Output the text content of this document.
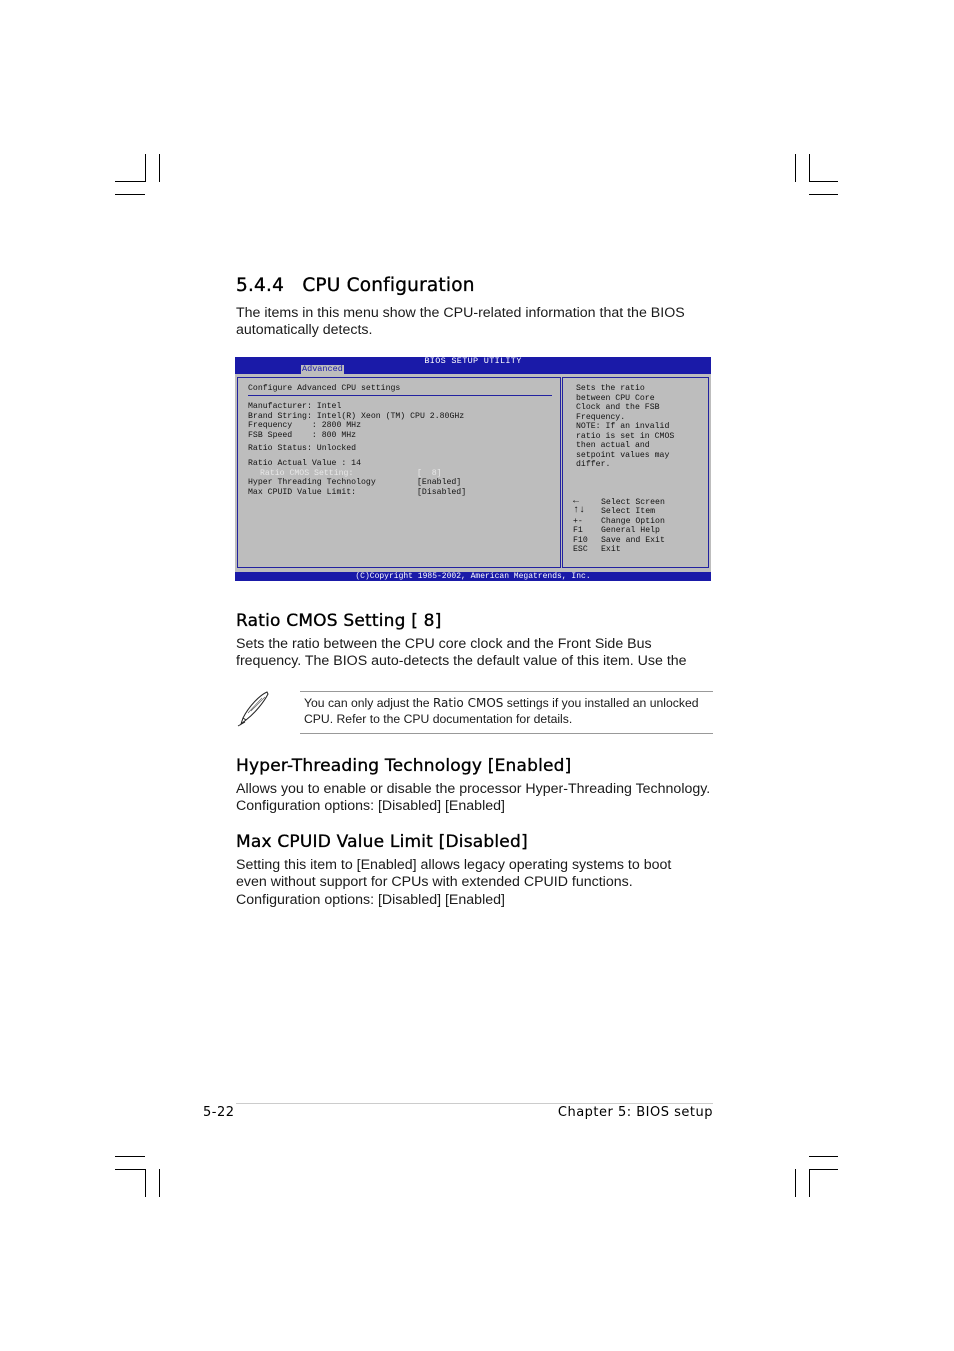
5.4.4   CPU Configuration

The items in this menu show the CPU-related information that the BIOS automatically detects.

BIOS SETUP UTILITY
Advanced
Configure Advanced CPU settings
Manufacturer: Intel
Brand String: Intel(R) Xeon (TM) CPU 2.80GHz
Frequency    : 2800 MHz
FSB Speed    : 800 MHz
Ratio Status: Unlocked
Ratio Actual Value : 14
Ratio CMOS Setting:	[  8]
Hyper Threading Technology	[Enabled]
Max CPUID Value Limit:	[Disabled]
Sets the ratio
between CPU Core
Clock and the FSB
Frequency.
NOTE: If an invalid
ratio is set in CMOS
then actual and
setpoint values may
differ.
←	Select Screen
↑↓ Select Item
+- Change Option
F1 General Help
F10 Save and Exit
ESC Exit
(C)Copyright 1985-2002, American Megatrends, Inc.
Ratio CMOS Setting [ 8]

Sets the ratio between the CPU core clock and the Front Side Bus frequency. The BIOS auto-detects the default value of this item. Use the

You can only adjust the Ratio CMOS settings if you installed an unlocked CPU. Refer to the CPU documentation for details.

Hyper-Threading Technology [Enabled]

Allows you to enable or disable the processor Hyper-Threading Technology. Configuration options: [Disabled] [Enabled]

Max CPUID Value Limit [Disabled]

Setting this item to [Enabled] allows legacy operating systems to boot even without support for CPUs with extended CPUID functions. Configuration options: [Disabled] [Enabled]

5-22	Chapter 5: BIOS setup
